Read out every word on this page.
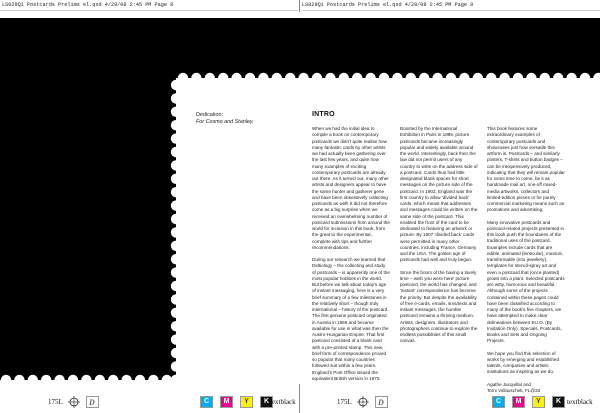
LS029Q1 Postcards Prelims el.qxd 4/28/08 2:45 PM Page 8	LS029Q1 Postcards Prelims el.qxd 4/28/08 2:45 PM Page 9
Dedication:
For Cosmo and Stanley.
INTRO

When we had the initial idea to compile a book on contemporary postcards we didn't quite realise how many fantastic cards by other artists we had actually been gathering over the last few years, and quite how many examples of exciting contemporary postcards are already out there. As it turned out, many other artists and designers appear to have the same hunter and gatherer gene and have been obsessively collecting postcards as well! It did not therefore come as a big surprise when we received an overwhelming number of postcard submissions from around the world for inclusion in this book, from the great to the experimental, complete with tips and further recommendations.

During our research we learned that Deltiology – the collecting and study of postcards – is apparently one of the most popular hobbies in the world. But before we talk about today's age of instant messaging, here is a very brief summary of a few milestones in the relatively short – though truly international – history of the postcard. The first genuine postcard originated in Austria in 1869 and became available for use in what was then the Austro-Hungarian Empire. That first postcard consisted of a blank card with a pre-printed stamp. This new, brief form of correspondence proved so popular that many countries followed suit within a few years. England's Post Office issued the equivalent British version in 1870.

Boosted by the International Exhibition in Paris in 1889, picture postcards became increasingly popular and widely available around the world. Interestingly, back then the law did not permit users of any country to write on the address side of a postcard. Cards thus had little designated blank spaces for short messages on the picture side of the postcard. In 1902, England was the first country to allow 'divided back' cards, which meant that addresses and messages could be written on the same side of the postcard. This enabled the front of the card to be dedicated to featuring an artwork or picture. By 1907 'divided back' cards were permitted in many other countries, including France, Germany and the USA. The golden age of postcards had well and truly begun.

Since the boom of the having a lovely time – wish you were here' picture postcard, the world has changed, and 'instant' correspondence has become the priority. But despite the availability of free e-cards, emails, sms/texts and instant messages, the humble postcard remains a thriving medium. Artists, designers, illustrators and photographers continue to explore the endless possibilities of this small canvas.

This book features some extraordinary examples of contemporary postcards and showcases just how versatile this artform is. Postcards – and similarly posters, T-shirts and button badges – can be inexpensively produced, indicating that they will remain popular for some time to come, be it as handmade mail art, one-off mixed-media artworks, collectors and limited-edition pieces or for purely commercial marketing means such as promotions and advertising.

Many innovative postcards and postcard-related projects presented in this book push the boundaries of the traditional uses of the postcard. Examples include cards that are edible, animated (lenticular), musical, transformable (into jewellery), templates for stencil-spray art and even a postcard that (once planted) grows into a plant. Selected postcards are witty, humorous and beautiful. Although some of the projects contained within these pages could have been classified according to many of the book's five chapters, we have attempted to make clear delineations between EU.O. (By Invitation Only), Specials, Postcards, Books and Sets and Ongoing Projects.

We hope you find this selection of works by emerging and established talents, companies and artistic institutions as inspiring as we do.

Agathe Jacquillat and
Tomi Vollauschek, FL@33

175L	D	C	M	Y	K textblack	175L	D	C	M	Y	K textblack
